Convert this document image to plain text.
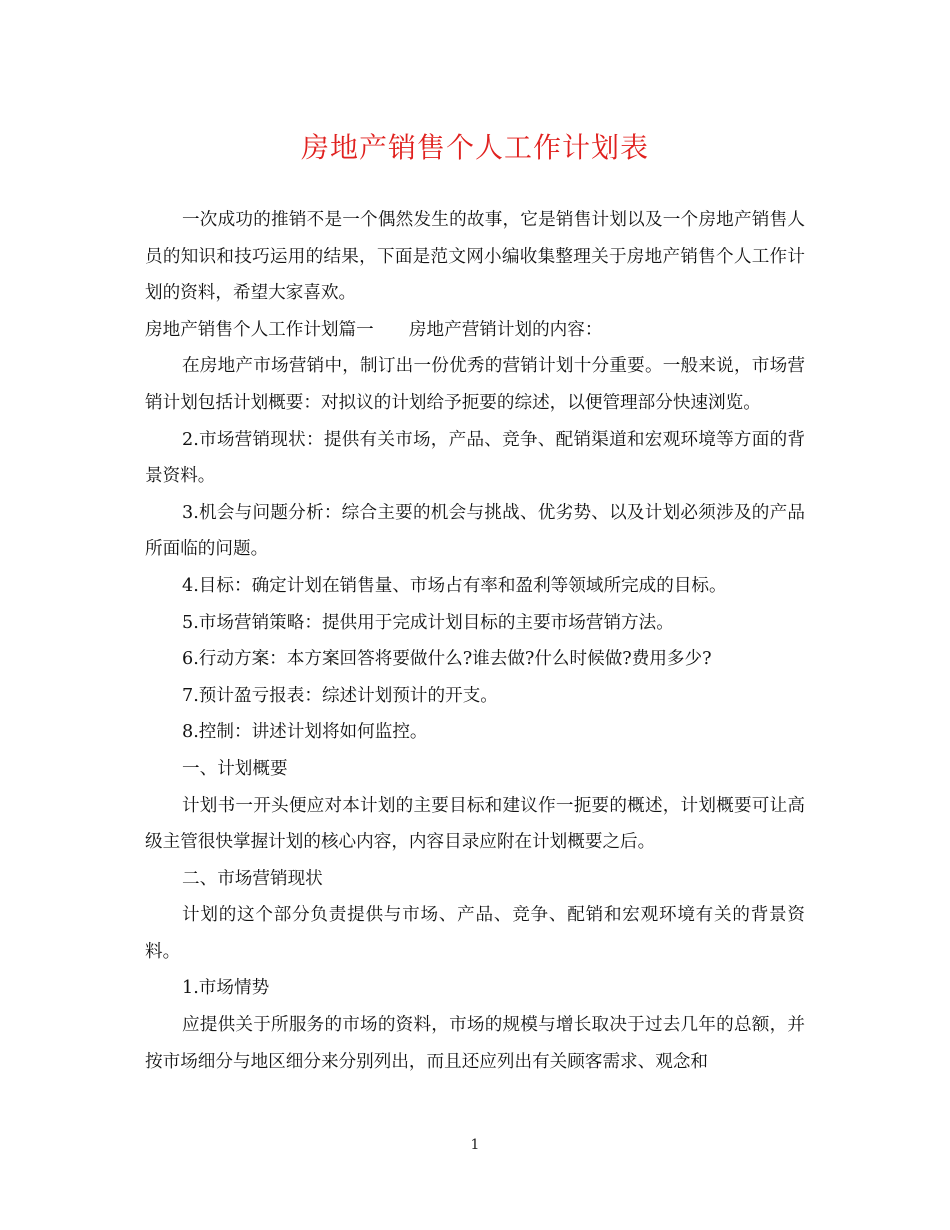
房地产销售个人工作计划表

一次成功的推销不是一个偶然发生的故事，它是销售计划以及一个房地产销售人员的知识和技巧运用的结果，下面是范文网小编收集整理关于房地产销售个人工作计划的资料，希望大家喜欢。

房地产销售个人工作计划篇一　　房地产营销计划的内容：

在房地产市场营销中，制订出一份优秀的营销计划十分重要。一般来说，市场营销计划包括计划概要：对拟议的计划给予扼要的综述，以便管理部分快速浏览。

2.市场营销现状：提供有关市场，产品、竞争、配销渠道和宏观环境等方面的背景资料。

3.机会与问题分析：综合主要的机会与挑战、优劣势、以及计划必须涉及的产品所面临的问题。

4.目标：确定计划在销售量、市场占有率和盈利等领域所完成的目标。

5.市场营销策略：提供用于完成计划目标的主要市场营销方法。

6.行动方案：本方案回答将要做什么?谁去做?什么时候做?费用多少?

7.预计盈亏报表：综述计划预计的开支。

8.控制：讲述计划将如何监控。

一、计划概要

计划书一开头便应对本计划的主要目标和建议作一扼要的概述，计划概要可让高级主管很快掌握计划的核心内容，内容目录应附在计划概要之后。

二、市场营销现状

计划的这个部分负责提供与市场、产品、竞争、配销和宏观环境有关的背景资料。

1.市场情势

应提供关于所服务的市场的资料，市场的规模与增长取决于过去几年的总额，并按市场细分与地区细分来分别列出，而且还应列出有关顾客需求、观念和

1
